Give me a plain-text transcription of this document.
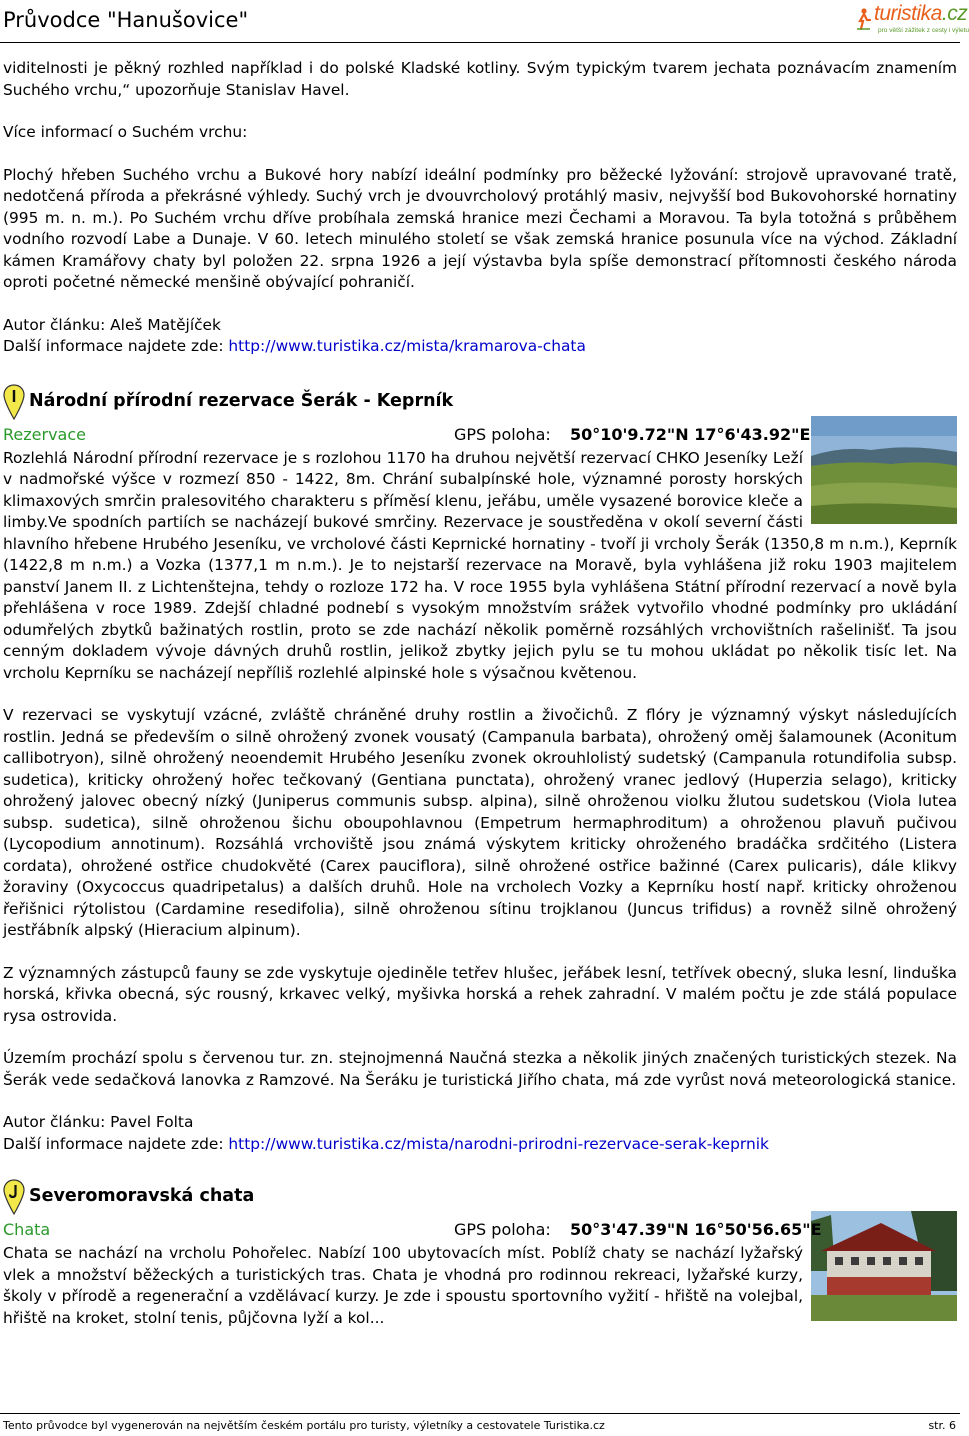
Průvodce "Hanušovice"	turistika.cz
pro větší zážitek z cesty i výletu

viditelnosti je pěkný rozhled například i do polské Kladské kotliny. Svým typickým tvarem jechata poznávacím znamením Suchého vrchu,“ upozorňuje Stanislav Havel.

Více informací o Suchém vrchu:

Plochý hřeben Suchého vrchu a Bukové hory nabízí ideální podmínky pro běžecké lyžování: strojově upravované tratě, nedotčená příroda a překrásné výhledy. Suchý vrch je dvouvrcholový protáhlý masiv, nejvyšší bod Bukovohorské hornatiny (995 m. n. m.). Po Suchém vrchu dříve probíhala zemská hranice mezi Čechami a Moravou. Ta byla totožná s průběhem vodního rozvodí Labe a Dunaje. V 60. letech minulého století se však zemská hranice posunula více na východ. Základní kámen Kramářovy chaty byl položen 22. srpna 1926 a její výstavba byla spíše demonstrací přítomnosti českého národa oproti početné německé menšině obývající pohraničí.

Autor článku: Aleš Matějíček

Další informace najdete zde: http://www.turistika.cz/mista/kramarova-chata

Národní přírodní rezervace Šerák - Keprník
Rezervace	GPS poloha: 50°10'9.72"N 17°6'43.92"E

Rozlehlá Národní přírodní rezervace je s rozlohou 1170 ha druhou největší rezervací CHKO Jeseníky Leží v nadmořské výšce v rozmezí 850 - 1422, 8m. Chrání subalpínské hole, významné porosty horských klimaxových smrčin pralesovitého charakteru s příměsí klenu, jeřábu, uměle vysazené borovice kleče a limby.Ve spodních partiích se nacházejí bukové smrčiny. Rezervace je soustředěna v okolí severní části hlavního hřebene Hrubého Jeseníku, ve vrcholové části Keprnické hornatiny - tvoří ji vrcholy Šerák (1350,8 m n.m.), Keprník (1422,8 m n.m.) a Vozka (1377,1 m n.m.). Je to nejstarší rezervace na Moravě, byla vyhlášena již roku 1903 majitelem panství Janem II. z Lichtenštejna, tehdy o rozloze 172 ha. V roce 1955 byla vyhlášena Státní přírodní rezervací a nově byla přehlášena v roce 1989. Zdejší chladné podnebí s vysokým množstvím srážek vytvořilo vhodné podmínky pro ukládání odumřelých zbytků bažinatých rostlin, proto se zde nachází několik poměrně rozsáhlých vrchovištních rašelinišť. Ta jsou cenným dokladem vývoje dávných druhů rostlin, jelikož zbytky jejich pylu se tu mohou ukládat po několik tisíc let. Na vrcholu Keprníku se nacházejí nepříliš rozlehlé alpinské hole s výsačnou květenou.

V rezervaci se vyskytují vzácné, zvláště chráněné druhy rostlin a živočichů. Z flóry je významný výskyt následujících rostlin. Jedná se především o silně ohrožený zvonek vousatý (Campanula barbata), ohrožený oměj šalamounek (Aconitum callibotryon), silně ohrožený neoendemit Hrubého Jeseníku zvonek okrouhlolistý sudetský (Campanula rotundifolia subsp. sudetica), kriticky ohrožený hořec tečkovaný (Gentiana punctata), ohrožený vranec jedlový (Huperzia selago), kriticky ohrožený jalovec obecný nízký (Juniperus communis subsp. alpina), silně ohroženou violku žlutou sudetskou (Viola lutea subsp. sudetica), silně ohroženou šichu oboupohlavnou (Empetrum hermaphroditum) a ohroženou plavuň pučivou (Lycopodium annotinum). Rozsáhlá vrchoviště jsou známá výskytem kriticky ohroženého bradáčka srdčitého (Listera cordata), ohrožené ostřice chudokvěté (Carex pauciflora), silně ohrožené ostřice bažinné (Carex pulicaris), dále klikvy žoraviny (Oxycoccus quadripetalus) a dalších druhů. Hole na vrcholech Vozky a Keprníku hostí např. kriticky ohroženou řeřišnici rýtolistou (Cardamine resedifolia), silně ohroženou sítinu trojklanou (Juncus trifidus) a rovněž silně ohrožený jestřábník alpský (Hieracium alpinum).

Z významných zástupců fauny se zde vyskytuje ojediněle tetřev hlušec, jeřábek lesní, tetřívek obecný, sluka lesní, linduška horská, křivka obecná, sýc rousný, krkavec velký, myšivka horská a rehek zahradní. V malém počtu je zde stálá populace rysa ostrovida.

Územím prochází spolu s červenou tur. zn. stejnojmenná Naučná stezka a několik jiných značených turistických stezek. Na Šerák vede sedačková lanovka z Ramzové. Na Šeráku je turistická Jiřího chata, má zde vyrůst nová meteorologická stanice.

Autor článku: Pavel Folta

Další informace najdete zde: http://www.turistika.cz/mista/narodni-prirodni-rezervace-serak-keprnik

Severomoravská chata
Chata	GPS poloha: 50°3'47.39"N 16°50'56.65"E

Chata se nachází na vrcholu Pohořelec. Nabízí 100 ubytovacích míst. Poblíž chaty se nachází lyžařský vlek a množství běžeckých a turistických tras. Chata je vhodná pro rodinnou rekreaci, lyžařské kurzy, školy v přírodě a regenerační a vzdělávací kurzy. Je zde i spoustu sportovního vyžití - hřiště na volejbal, hřiště na kroket, stolní tenis, půjčovna lyží a kol...

Tento průvodce byl vygenerován na největším českém portálu pro turisty, výletníky a cestovatele Turistika.cz	str. 6
